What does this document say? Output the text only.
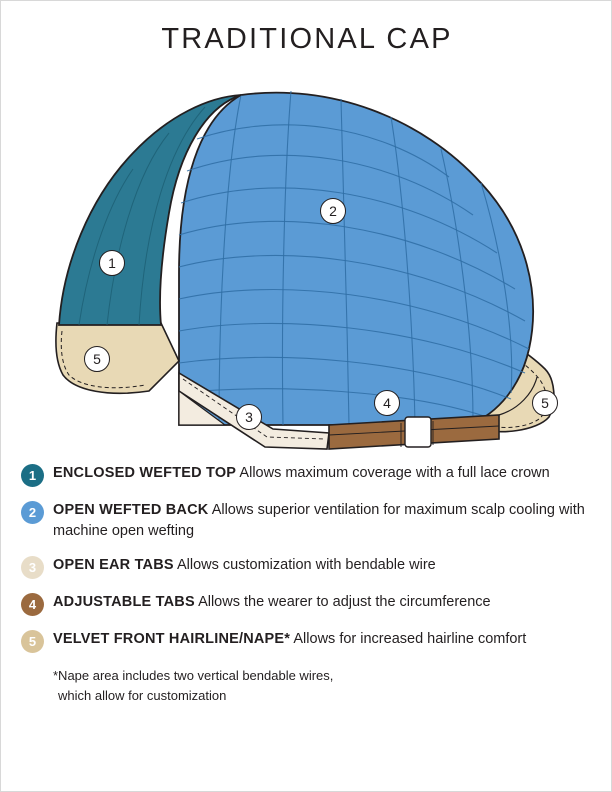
TRADITIONAL CAP
1
2
3
4
5
5
1	ENCLOSED WEFTED TOP Allows maximum coverage with a full lace crown
2	OPEN WEFTED BACK Allows superior ventilation for maximum scalp cooling with machine open wefting
3	OPEN EAR TABS Allows customization with bendable wire
4	ADJUSTABLE TABS Allows the wearer to adjust the circumference
5	VELVET FRONT HAIRLINE/NAPE* Allows for increased hairline comfort
*Nape area includes two vertical bendable wires,
which allow for customization
